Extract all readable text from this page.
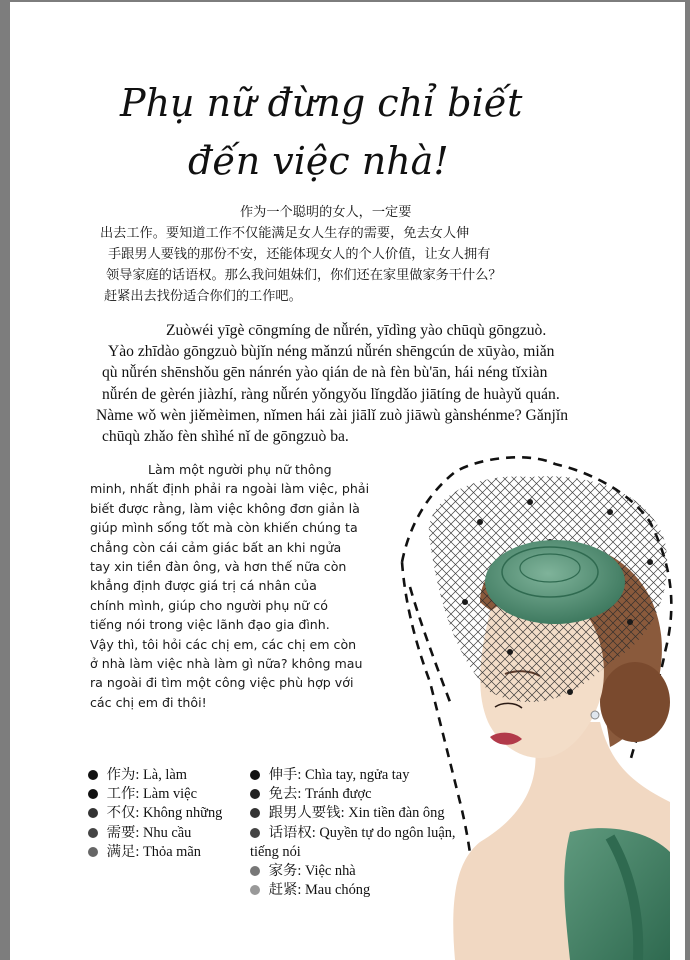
Phụ nữ đừng chỉ biết
đến việc nhà!
作为一个聪明的女人，一定要
出去工作。要知道工作不仅能满足女人生存的需要，免去女人伸
手跟男人要钱的那份不安，还能体现女人的个人价值，让女人拥有
领导家庭的话语权。那么我问姐妹们，你们还在家里做家务干什么？
赶紧出去找份适合你们的工作吧。
Zuòwéi yīgè cōngmíng de nǚrén, yīdìng yào chūqù gōngzuò.
Yào zhīdào gōngzuò bùjǐn néng mǎnzú nǚrén shēngcún de xūyào, miǎn
qù nǚrén shēnshǒu gēn nánrén yào qián de nà fèn bù'ān, hái néng tǐxiàn
nǚrén de gèrén jiàzhí, ràng nǚrén yǒngyǒu lǐngdǎo jiātíng de huàyǔ quán.
Nàme wǒ wèn jiěmèimen, nǐmen hái zài jiālǐ zuò jiāwù gànshénme? Gǎnjǐn
chūqù zhǎo fèn shìhé nǐ de gōngzuò ba.
Làm một người phụ nữ thông
minh, nhất định phải ra ngoài làm việc, phải
biết được rằng, làm việc không đơn giản là
giúp mình sống tốt mà còn khiến chúng ta
chẳng còn cái cảm giác bất an khi ngửa
tay xin tiền đàn ông, và hơn thế nữa còn
khẳng định được giá trị cá nhân của
chính mình, giúp cho người phụ nữ có
tiếng nói trong việc lãnh đạo gia đình.
Vậy thì, tôi hỏi các chị em, các chị em còn
ở nhà làm việc nhà làm gì nữa? không mau
ra ngoài đi tìm một công việc phù hợp với
các chị em đi thôi!
作为: Là, làm
工作: Làm việc
不仅: Không những
需要: Nhu cầu
满足: Thỏa mãn
伸手: Chìa tay, ngửa tay
免去: Tránh được
跟男人要钱: Xin tiền đàn ông
话语权: Quyền tự do ngôn luận,
tiếng nói
家务: Việc nhà
赶紧: Mau chóng
